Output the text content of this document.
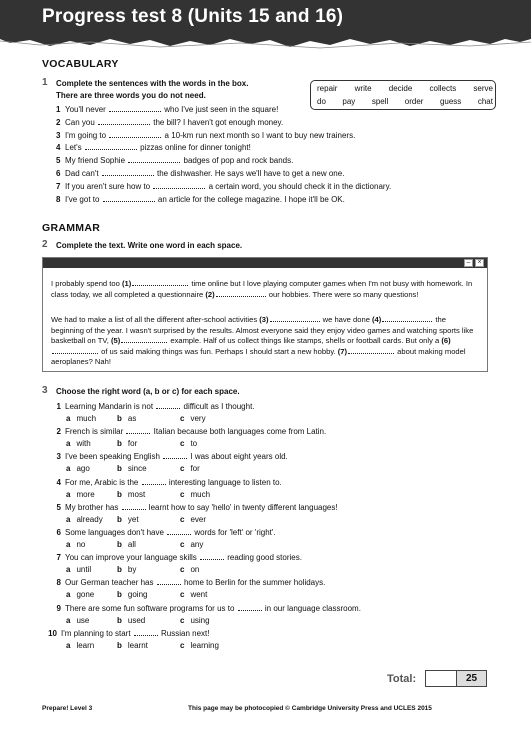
Progress test 8 (Units 15 and 16)
VOCABULARY
1 Complete the sentences with the words in the box.
There are three words you do not need.
repair write decide collects serve
do pay spell order guess chat
1 You'll never	who I've just seen in the square!
2 Can you	the bill? I haven't got enough money.
3 I'm going to	a 10-km run next month so I want to buy new trainers.
4 Let's	pizzas online for dinner tonight!
5 My friend Sophie	badges of pop and rock bands.
6 Dad can't	the dishwasher. He says we'll have to get a new one.
7 If you aren't sure how to	a certain word, you should check it in the dictionary.
8 I've got to	an article for the college magazine. I hope it'll be OK.
GRAMMAR
2 Complete the text. Write one word in each space.
–	×
I probably spend too (1)	time online but I love playing computer games when I'm not busy with homework. In class today, we all completed a questionnaire (2)	our hobbies. There were so many questions!
We had to make a list of all the different after-school activities (3)	we have done (4)	the beginning of the year. I wasn't surprised by the results. Almost everyone said they enjoy video games and watching sports like basketball on TV, (5)	example. Half of us collect things like stamps, shells or football cards. But only a (6) of us said making things was fun. Perhaps I should start a new hobby. (7)	about making model aeroplanes? Nah!
3 Choose the right word (a, b or c) for each space.
1 Learning Mandarin is not	difficult as I thought.
a much	b as	c very
2 French is similar	Italian because both languages come from Latin.
a with	b for	c to
3 I've been speaking English	I was about eight years old.
a ago	b since	c for
4 For me, Arabic is the	interesting language to listen to.
a more	b most	c much
5 My brother has	learnt how to say 'hello' in twenty different languages!
a already b yet	c ever
6 Some languages don't have	words for 'left' or 'right'.
a no	b all	c any
7 You can improve your language skills	reading good stories.
a until	b by	c on
8 Our German teacher has	home to Berlin for the summer holidays.
a gone	b going	c went
9 There are some fun software programs for us to	in our language classroom.
a use	b used	c using
10 I'm planning to start	Russian next!
a learn	b learnt	c learning
Total:	25
Prepare! Level 3	This page may be photocopied © Cambridge University Press and UCLES 2015
